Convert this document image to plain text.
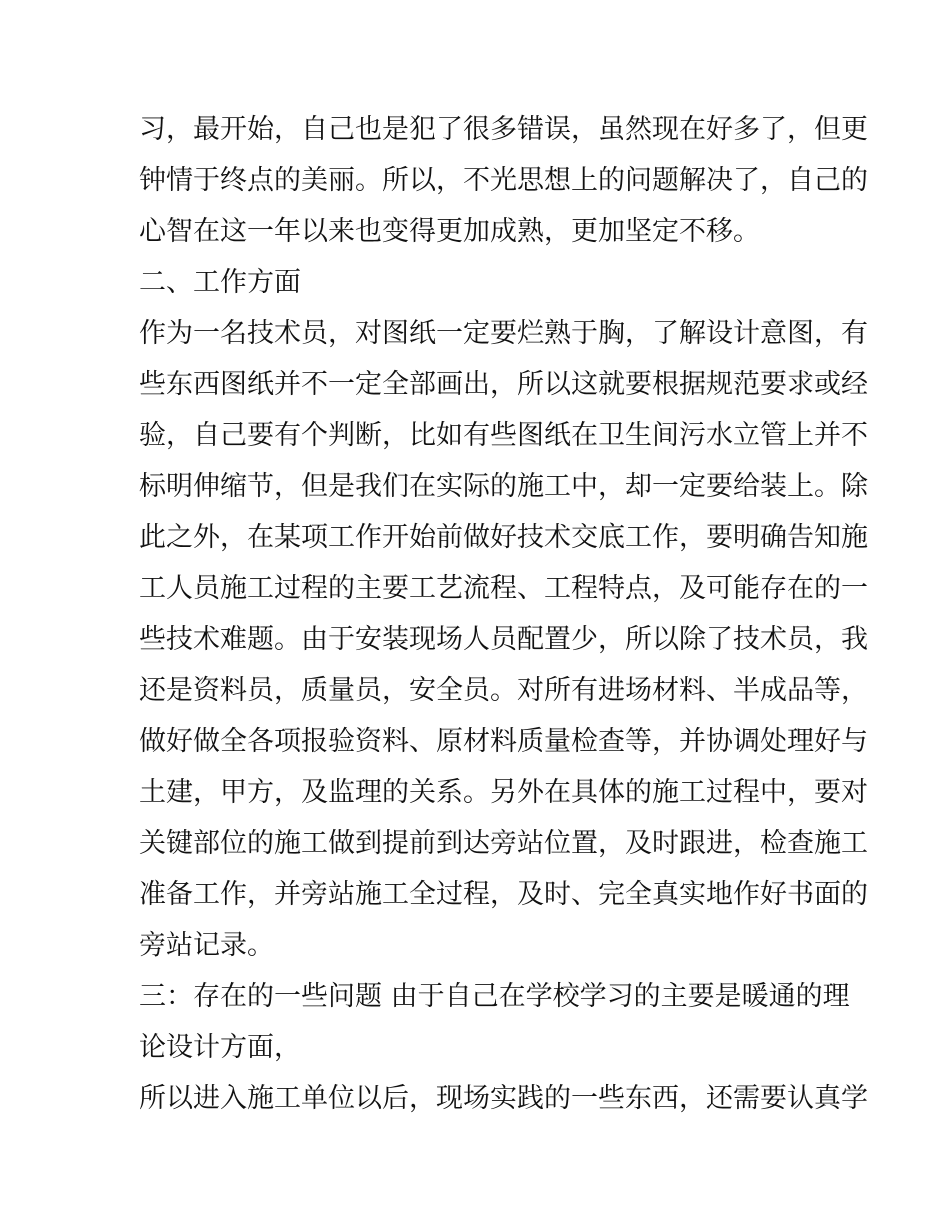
习，最开始，自己也是犯了很多错误，虽然现在好多了，但更
钟情于终点的美丽。所以，不光思想上的问题解决了，自己的
心智在这一年以来也变得更加成熟，更加坚定不移。
二、工作方面
作为一名技术员，对图纸一定要烂熟于胸，了解设计意图，有
些东西图纸并不一定全部画出，所以这就要根据规范要求或经
验，自己要有个判断，比如有些图纸在卫生间污水立管上并不
标明伸缩节，但是我们在实际的施工中，却一定要给装上。除
此之外，在某项工作开始前做好技术交底工作，要明确告知施
工人员施工过程的主要工艺流程、工程特点，及可能存在的一
些技术难题。由于安装现场人员配置少，所以除了技术员，我
还是资料员，质量员，安全员。对所有进场材料、半成品等，
做好做全各项报验资料、原材料质量检查等，并协调处理好与
土建，甲方，及监理的关系。另外在具体的施工过程中，要对
关键部位的施工做到提前到达旁站位置，及时跟进，检查施工
准备工作，并旁站施工全过程，及时、完全真实地作好书面的
旁站记录。
三：存在的一些问题 由于自己在学校学习的主要是暖通的理
论设计方面，
所以进入施工单位以后，现场实践的一些东西，还需要认真学
